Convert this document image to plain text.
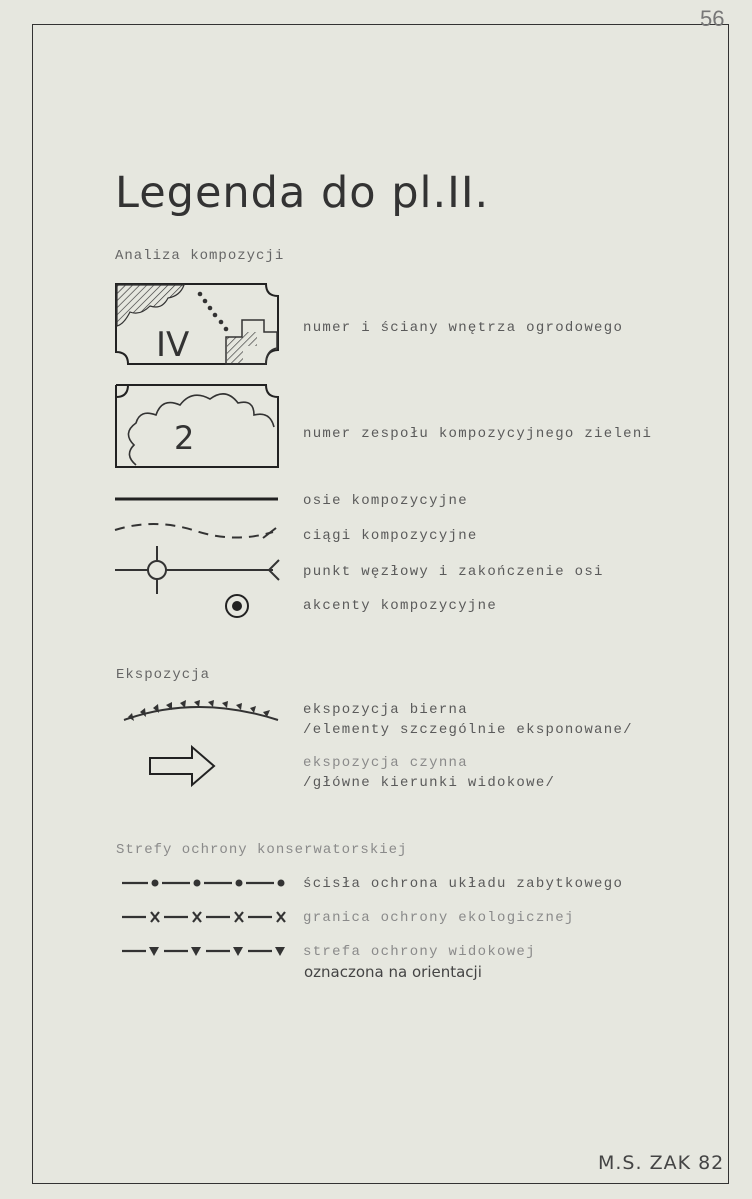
56
Legenda do pl.II.
Analiza kompozycji
IV	numer i ściany wnętrza ogrodowego
2	numer zespołu kompozycyjnego zieleni
osie kompozycyjne
ciągi kompozycyjne
punkt węzłowy i zakończenie osi
akcenty kompozycyjne
Ekspozycja
ekspozycja bierna
/elementy szczególnie eksponowane/
ekspozycja czynna
/główne kierunki widokowe/
Strefy ochrony konserwatorskiej
ścisła ochrona układu zabytkowego
granica ochrony ekologicznej
strefa ochrony widokowej
oznaczona na orientacji
M.S. ZAK 82
